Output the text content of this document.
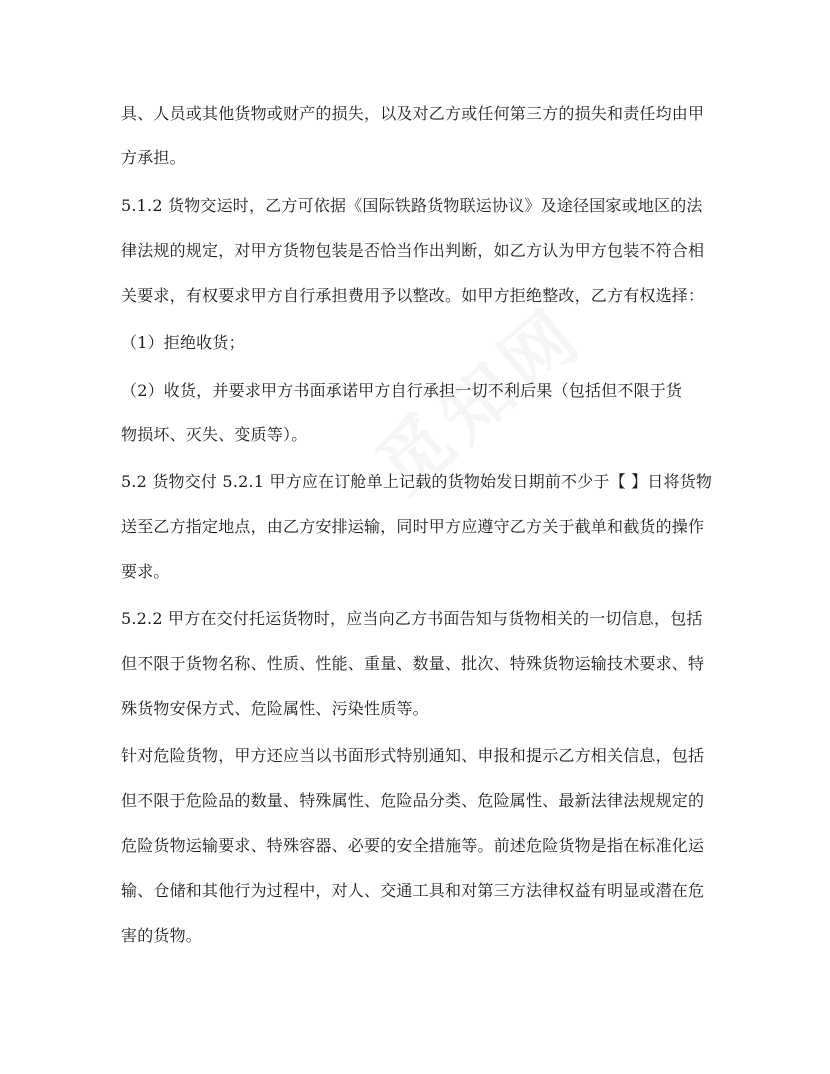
具、人员或其他货物或财产的损失，以及对乙方或任何第三方的损失和责任均由甲
方承担。
5.1.2 货物交运时，乙方可依据《国际铁路货物联运协议》及途径国家或地区的法
律法规的规定，对甲方货物包装是否恰当作出判断，如乙方认为甲方包装不符合相
关要求，有权要求甲方自行承担费用予以整改。如甲方拒绝整改，乙方有权选择：
（1）拒绝收货；
（2）收货，并要求甲方书面承诺甲方自行承担一切不利后果（包括但不限于货
物损坏、灭失、变质等）。
5.2 货物交付 5.2.1 甲方应在订舱单上记载的货物始发日期前不少于【 】日将货物
送至乙方指定地点，由乙方安排运输，同时甲方应遵守乙方关于截单和截货的操作
要求。
5.2.2 甲方在交付托运货物时，应当向乙方书面告知与货物相关的一切信息，包括
但不限于货物名称、性质、性能、重量、数量、批次、特殊货物运输技术要求、特
殊货物安保方式、危险属性、污染性质等。
针对危险货物，甲方还应当以书面形式特别通知、申报和提示乙方相关信息，包括
但不限于危险品的数量、特殊属性、危险品分类、危险属性、最新法律法规规定的
危险货物运输要求、特殊容器、必要的安全措施等。前述危险货物是指在标准化运
输、仓储和其他行为过程中，对人、交通工具和对第三方法律权益有明显或潜在危
害的货物。
